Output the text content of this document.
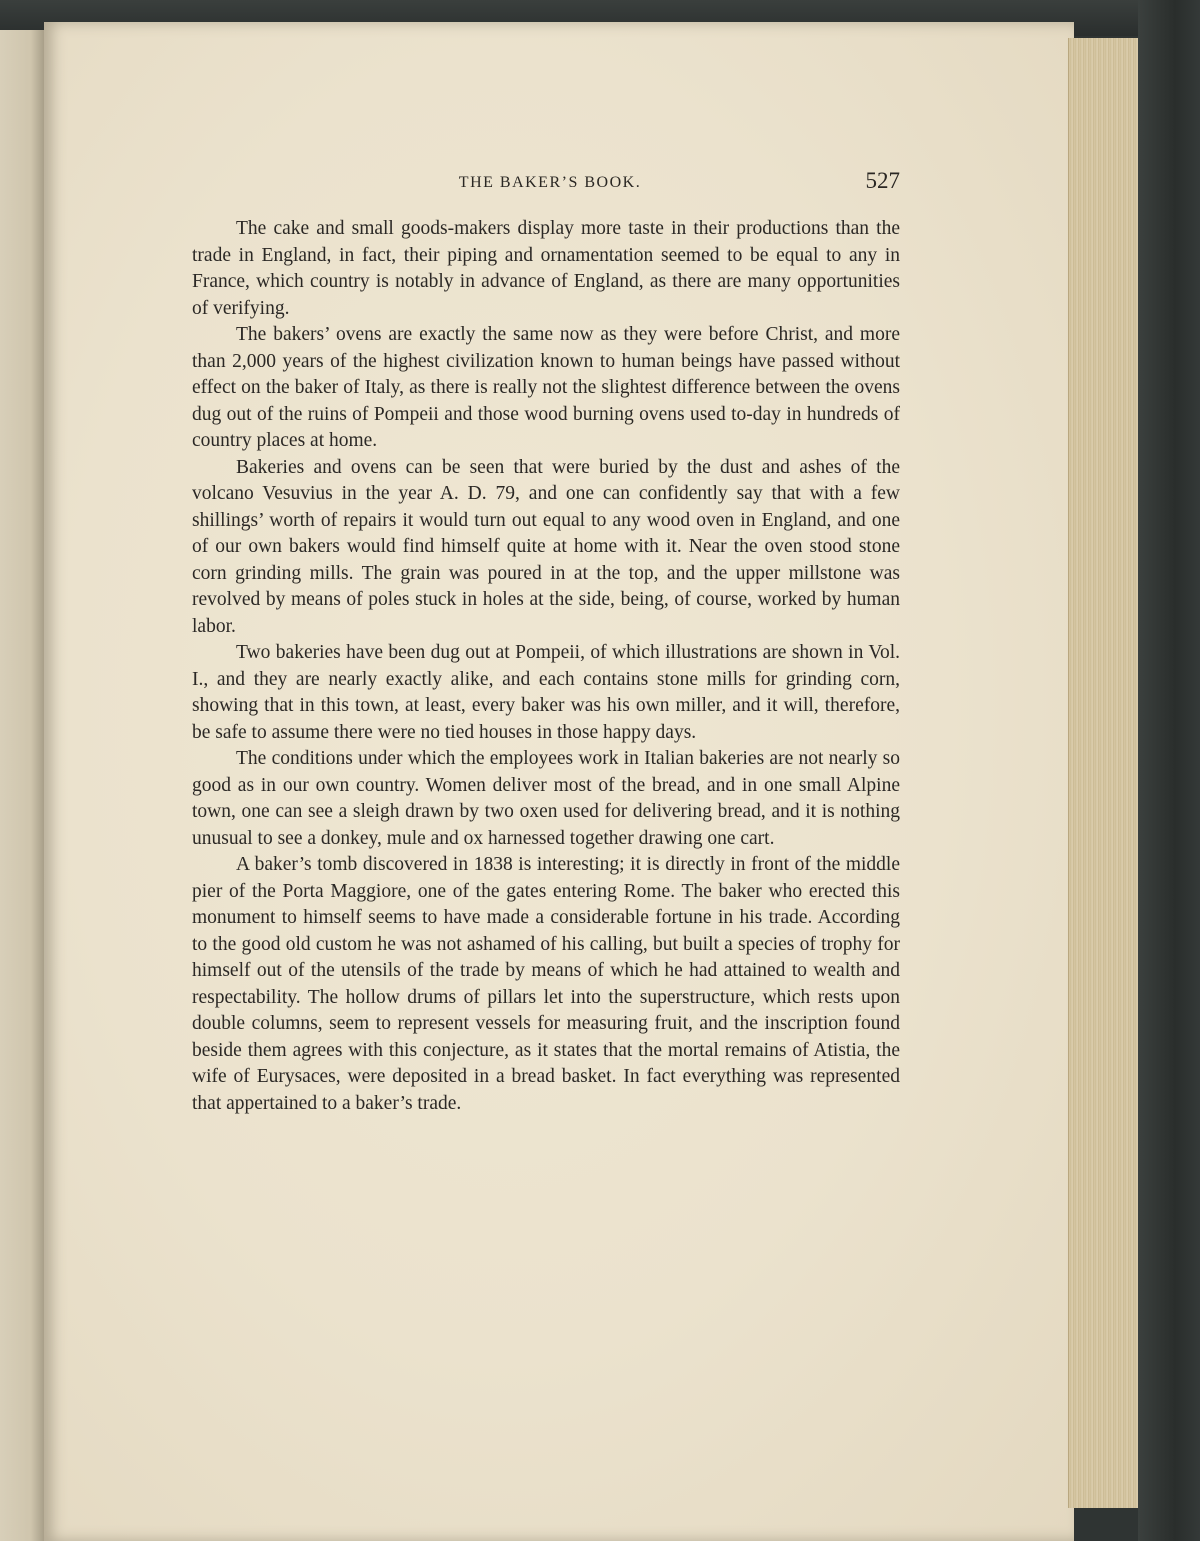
THE BAKER’S BOOK.	527

The cake and small goods-makers display more taste in their productions than the trade in England, in fact, their piping and ornamentation seemed to be equal to any in France, which country is notably in advance of England, as there are many opportunities of verifying.

The bakers’ ovens are exactly the same now as they were before Christ, and more than 2,000 years of the highest civilization known to human beings have passed without effect on the baker of Italy, as there is really not the slightest difference between the ovens dug out of the ruins of Pompeii and those wood burning ovens used to-day in hundreds of country places at home.

Bakeries and ovens can be seen that were buried by the dust and ashes of the volcano Vesuvius in the year A. D. 79, and one can confidently say that with a few shillings’ worth of repairs it would turn out equal to any wood oven in England, and one of our own bakers would find himself quite at home with it. Near the oven stood stone corn grinding mills. The grain was poured in at the top, and the upper millstone was revolved by means of poles stuck in holes at the side, being, of course, worked by human labor.

Two bakeries have been dug out at Pompeii, of which illustrations are shown in Vol. I., and they are nearly exactly alike, and each contains stone mills for grinding corn, showing that in this town, at least, every baker was his own miller, and it will, therefore, be safe to assume there were no tied houses in those happy days.

The conditions under which the employees work in Italian bakeries are not nearly so good as in our own country. Women deliver most of the bread, and in one small Alpine town, one can see a sleigh drawn by two oxen used for delivering bread, and it is nothing unusual to see a donkey, mule and ox harnessed together drawing one cart.

A baker’s tomb discovered in 1838 is interesting; it is directly in front of the middle pier of the Porta Maggiore, one of the gates entering Rome. The baker who erected this monument to himself seems to have made a considerable fortune in his trade. According to the good old custom he was not ashamed of his calling, but built a species of trophy for himself out of the utensils of the trade by means of which he had attained to wealth and respectability. The hollow drums of pillars let into the superstructure, which rests upon double columns, seem to represent vessels for measuring fruit, and the inscription found beside them agrees with this conjecture, as it states that the mortal remains of Atistia, the wife of Eurysaces, were deposited in a bread basket. In fact everything was represented that appertained to a baker’s trade.
